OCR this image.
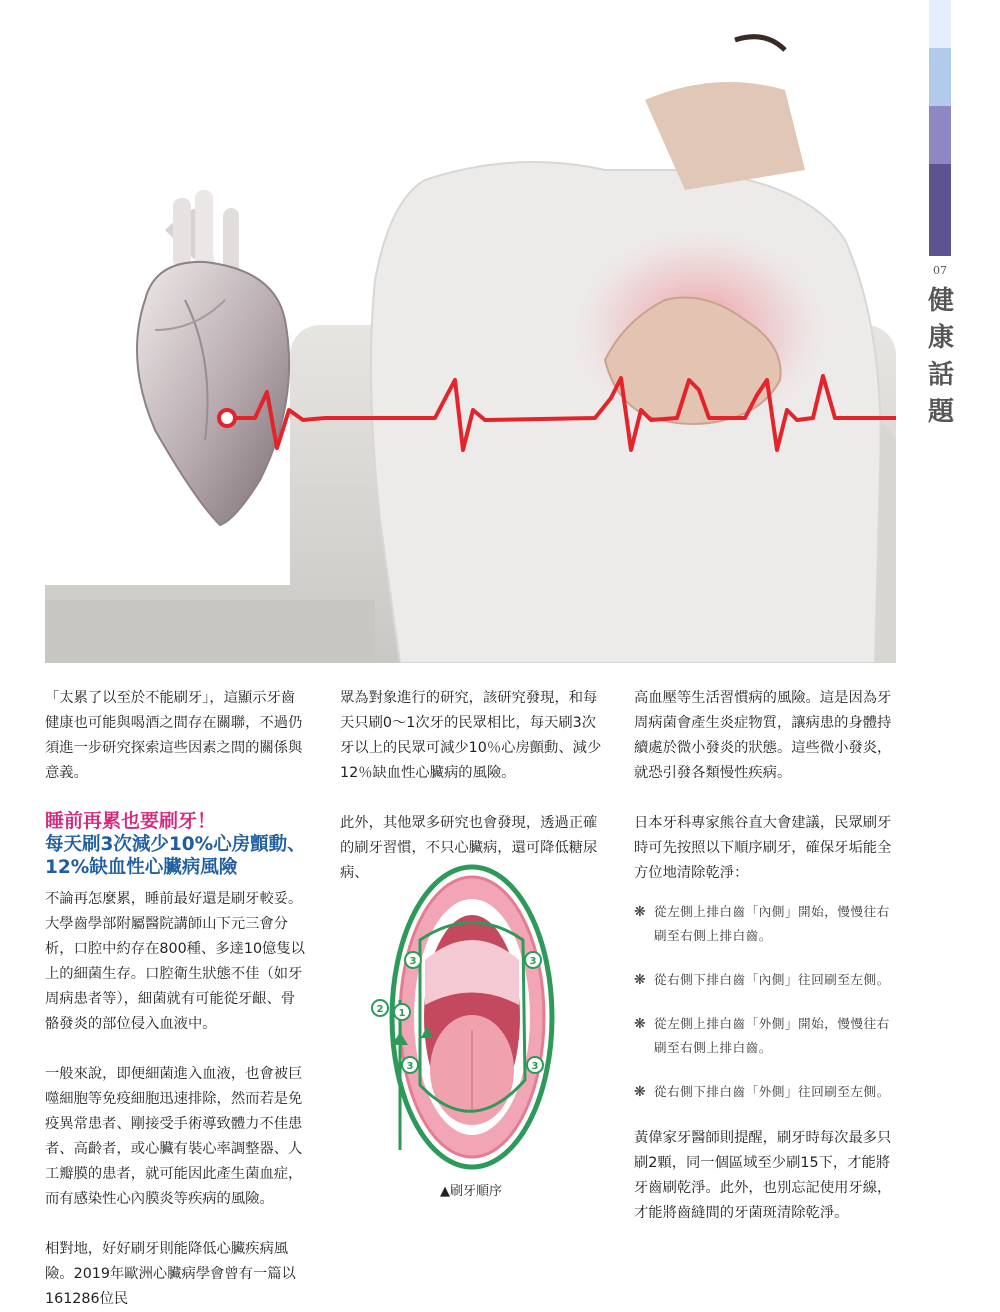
07
健
康
話
題

「太累了以至於不能刷牙」，這顯示牙齒健康也可能與喝酒之間存在關聯，不過仍須進一步研究探索這些因素之間的關係與意義。

睡前再累也要刷牙！
每天刷3次減少10%心房顫動、12%缺血性心臟病風險

不論再怎麼累，睡前最好還是刷牙較妥。大學齒學部附屬醫院講師山下元三會分析，口腔中約存在800種、多達10億隻以上的細菌生存。口腔衛生狀態不佳（如牙周病患者等），細菌就有可能從牙齦、骨骼發炎的部位侵入血液中。

一般來說，即便細菌進入血液，也會被巨噬細胞等免疫細胞迅速排除，然而若是免疫異常患者、剛接受手術導致體力不佳患者、高齡者，或心臟有裝心率調整器、人工瓣膜的患者，就可能因此產生菌血症，而有感染性心內膜炎等疾病的風險。

相對地，好好刷牙則能降低心臟疾病風險。2019年歐洲心臟病學會曾有一篇以161286位民

眾為對象進行的研究，該研究發現，和每天只刷0～1次牙的民眾相比，每天刷3次牙以上的民眾可減少10％心房顫動、減少12％缺血性心臟病的風險。

此外，其他眾多研究也會發現，透過正確的刷牙習慣，不只心臟病，還可降低糖尿病、

2 1
3	3
3	3
▲刷牙順序

高血壓等生活習慣病的風險。這是因為牙周病菌會產生炎症物質，讓病患的身體持續處於微小發炎的狀態。這些微小發炎，就恐引發各類慢性疾病。

日本牙科專家熊谷直大會建議，民眾刷牙時可先按照以下順序刷牙，確保牙垢能全方位地清除乾淨：

❋ 從左側上排白齒「內側」開始，慢慢往右刷至右側上排白齒。
❋ 從右側下排白齒「內側」往回刷至左側。
❋ 從左側上排白齒「外側」開始，慢慢往右刷至右側上排白齒。
❋ 從右側下排白齒「外側」往回刷至左側。

黃偉家牙醫師則提醒，刷牙時每次最多只刷2顆，同一個區域至少刷15下，才能將牙齒刷乾淨。此外，也別忘記使用牙線，才能將齒縫間的牙菌斑清除乾淨。
